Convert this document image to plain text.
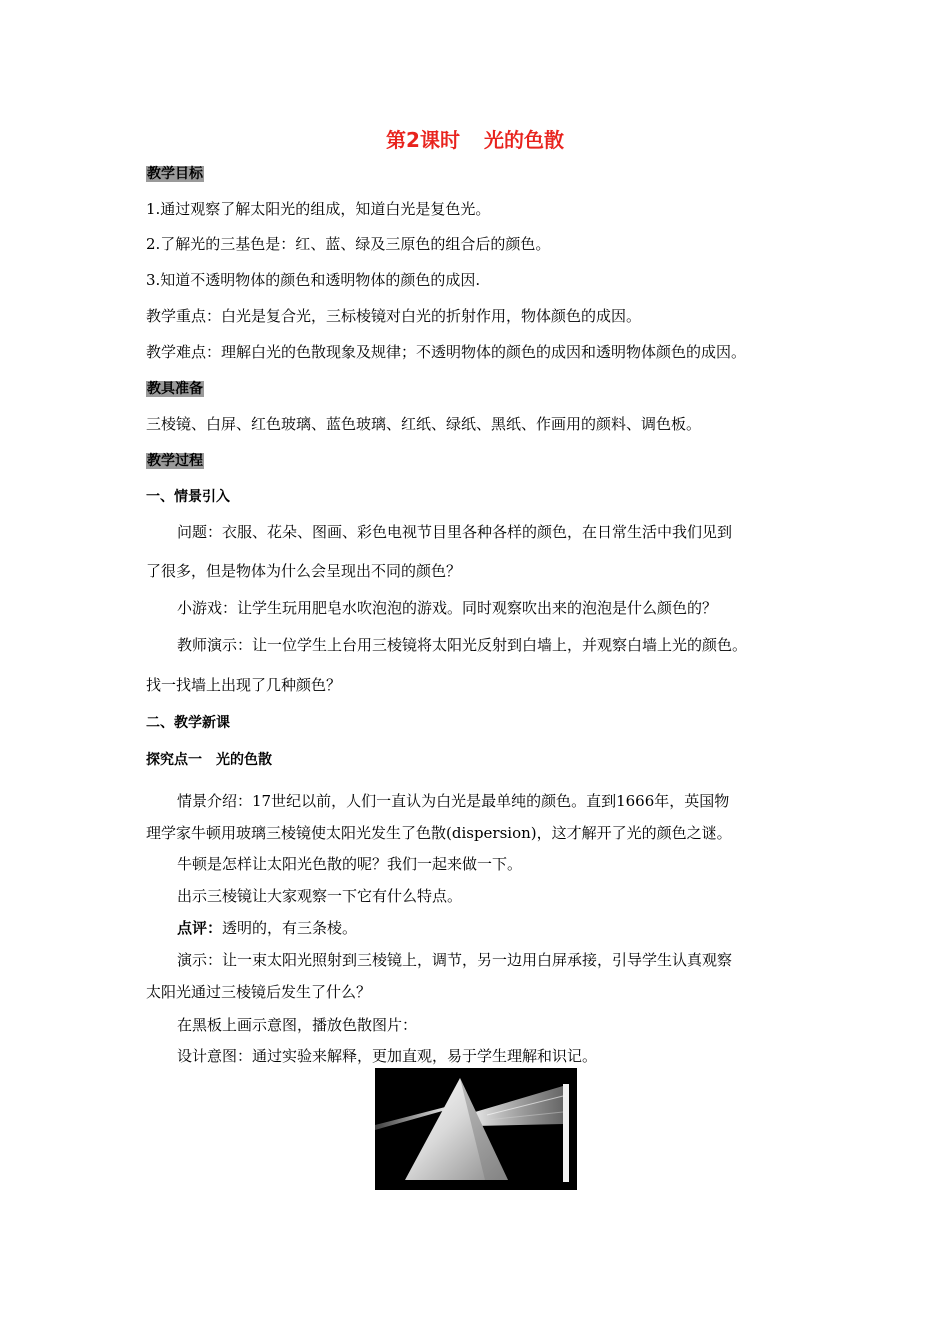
第2课时 光的色散
教学目标
1.通过观察了解太阳光的组成，知道白光是复色光。
2.了解光的三基色是：红、蓝、绿及三原色的组合后的颜色。
3.知道不透明物体的颜色和透明物体的颜色的成因.
教学重点：白光是复合光，三标棱镜对白光的折射作用，物体颜色的成因。
教学难点：理解白光的色散现象及规律；不透明物体的颜色的成因和透明物体颜色的成因。
教具准备
三棱镜、白屏、红色玻璃、蓝色玻璃、红纸、绿纸、黑纸、作画用的颜料、调色板。
教学过程
一、情景引入
问题：衣服、花朵、图画、彩色电视节目里各种各样的颜色，在日常生活中我们见到
了很多，但是物体为什么会呈现出不同的颜色？
小游戏：让学生玩用肥皂水吹泡泡的游戏。同时观察吹出来的泡泡是什么颜色的？
教师演示：让一位学生上台用三棱镜将太阳光反射到白墙上，并观察白墙上光的颜色。
找一找墙上出现了几种颜色？
二、教学新课
探究点一　光的色散
情景介绍：17世纪以前，人们一直认为白光是最单纯的颜色。直到1666年，英国物
理学家牛顿用玻璃三棱镜使太阳光发生了色散(dispersion)，这才解开了光的颜色之谜。
牛顿是怎样让太阳光色散的呢？我们一起来做一下。
出示三棱镜让大家观察一下它有什么特点。
点评：透明的，有三条棱。
演示：让一束太阳光照射到三棱镜上，调节，另一边用白屏承接，引导学生认真观察
太阳光通过三棱镜后发生了什么？
在黑板上画示意图，播放色散图片：
设计意图：通过实验来解释，更加直观，易于学生理解和识记。
